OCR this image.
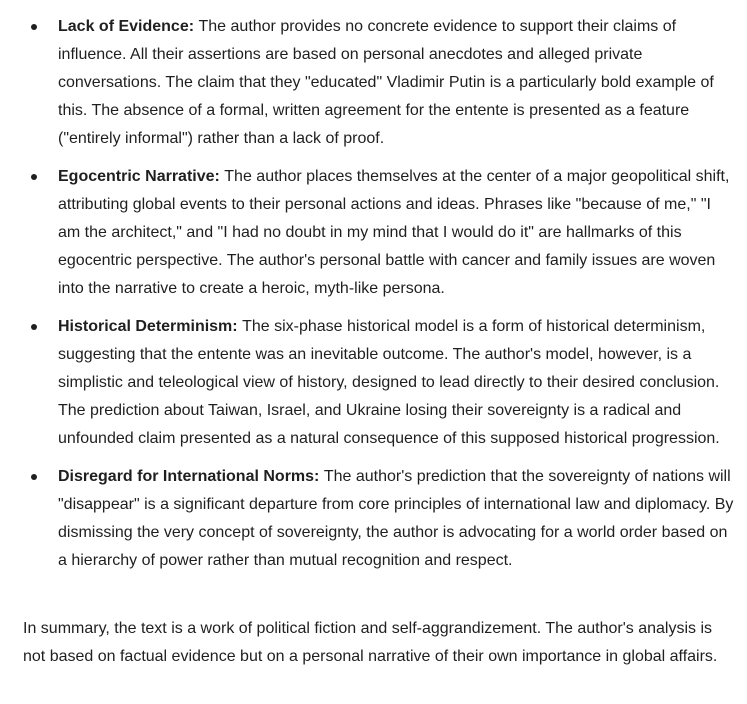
Lack of Evidence: The author provides no concrete evidence to support their claims of influence. All their assertions are based on personal anecdotes and alleged private conversations. The claim that they "educated" Vladimir Putin is a particularly bold example of this. The absence of a formal, written agreement for the entente is presented as a feature ("entirely informal") rather than a lack of proof.
Egocentric Narrative: The author places themselves at the center of a major geopolitical shift, attributing global events to their personal actions and ideas. Phrases like "because of me," "I am the architect," and "I had no doubt in my mind that I would do it" are hallmarks of this egocentric perspective. The author's personal battle with cancer and family issues are woven into the narrative to create a heroic, myth-like persona.
Historical Determinism: The six-phase historical model is a form of historical determinism, suggesting that the entente was an inevitable outcome. The author's model, however, is a simplistic and teleological view of history, designed to lead directly to their desired conclusion. The prediction about Taiwan, Israel, and Ukraine losing their sovereignty is a radical and unfounded claim presented as a natural consequence of this supposed historical progression.
Disregard for International Norms: The author's prediction that the sovereignty of nations will "disappear" is a significant departure from core principles of international law and diplomacy. By dismissing the very concept of sovereignty, the author is advocating for a world order based on a hierarchy of power rather than mutual recognition and respect.

In summary, the text is a work of political fiction and self-aggrandizement. The author's analysis is not based on factual evidence but on a personal narrative of their own importance in global affairs.
